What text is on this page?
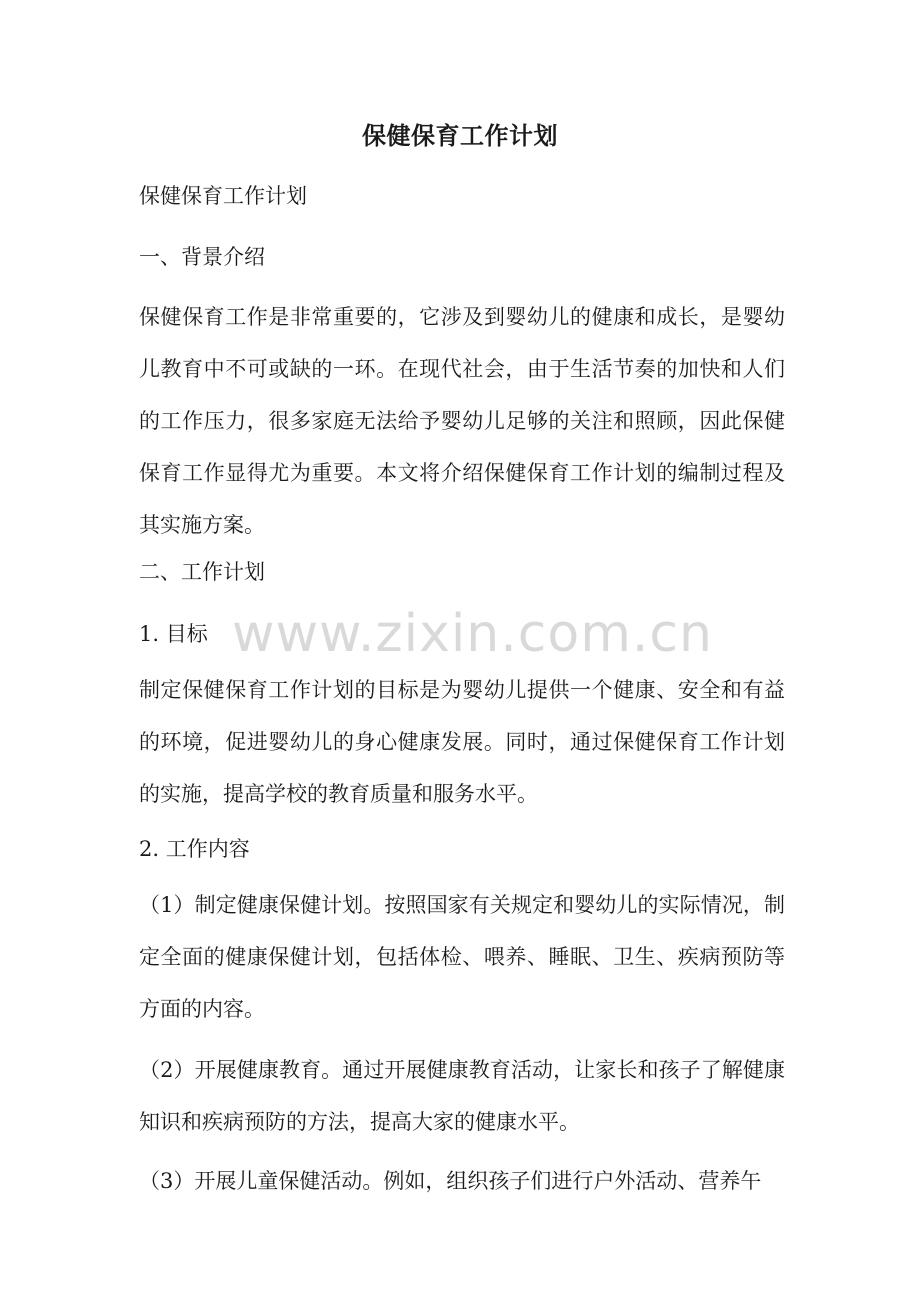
保健保育工作计划
保健保育工作计划
一、背景介绍
保健保育工作是非常重要的，它涉及到婴幼儿的健康和成长，是婴幼儿教育中不可或缺的一环。在现代社会，由于生活节奏的加快和人们的工作压力，很多家庭无法给予婴幼儿足够的关注和照顾，因此保健保育工作显得尤为重要。本文将介绍保健保育工作计划的编制过程及其实施方案。
二、工作计划
1. 目标
制定保健保育工作计划的目标是为婴幼儿提供一个健康、安全和有益的环境，促进婴幼儿的身心健康发展。同时，通过保健保育工作计划的实施，提高学校的教育质量和服务水平。
2. 工作内容
（1）制定健康保健计划。按照国家有关规定和婴幼儿的实际情况，制定全面的健康保健计划，包括体检、喂养、睡眠、卫生、疾病预防等方面的内容。
（2）开展健康教育。通过开展健康教育活动，让家长和孩子了解健康知识和疾病预防的方法，提高大家的健康水平。
（3）开展儿童保健活动。例如，组织孩子们进行户外活动、营养午
www.zixin.com.cn
